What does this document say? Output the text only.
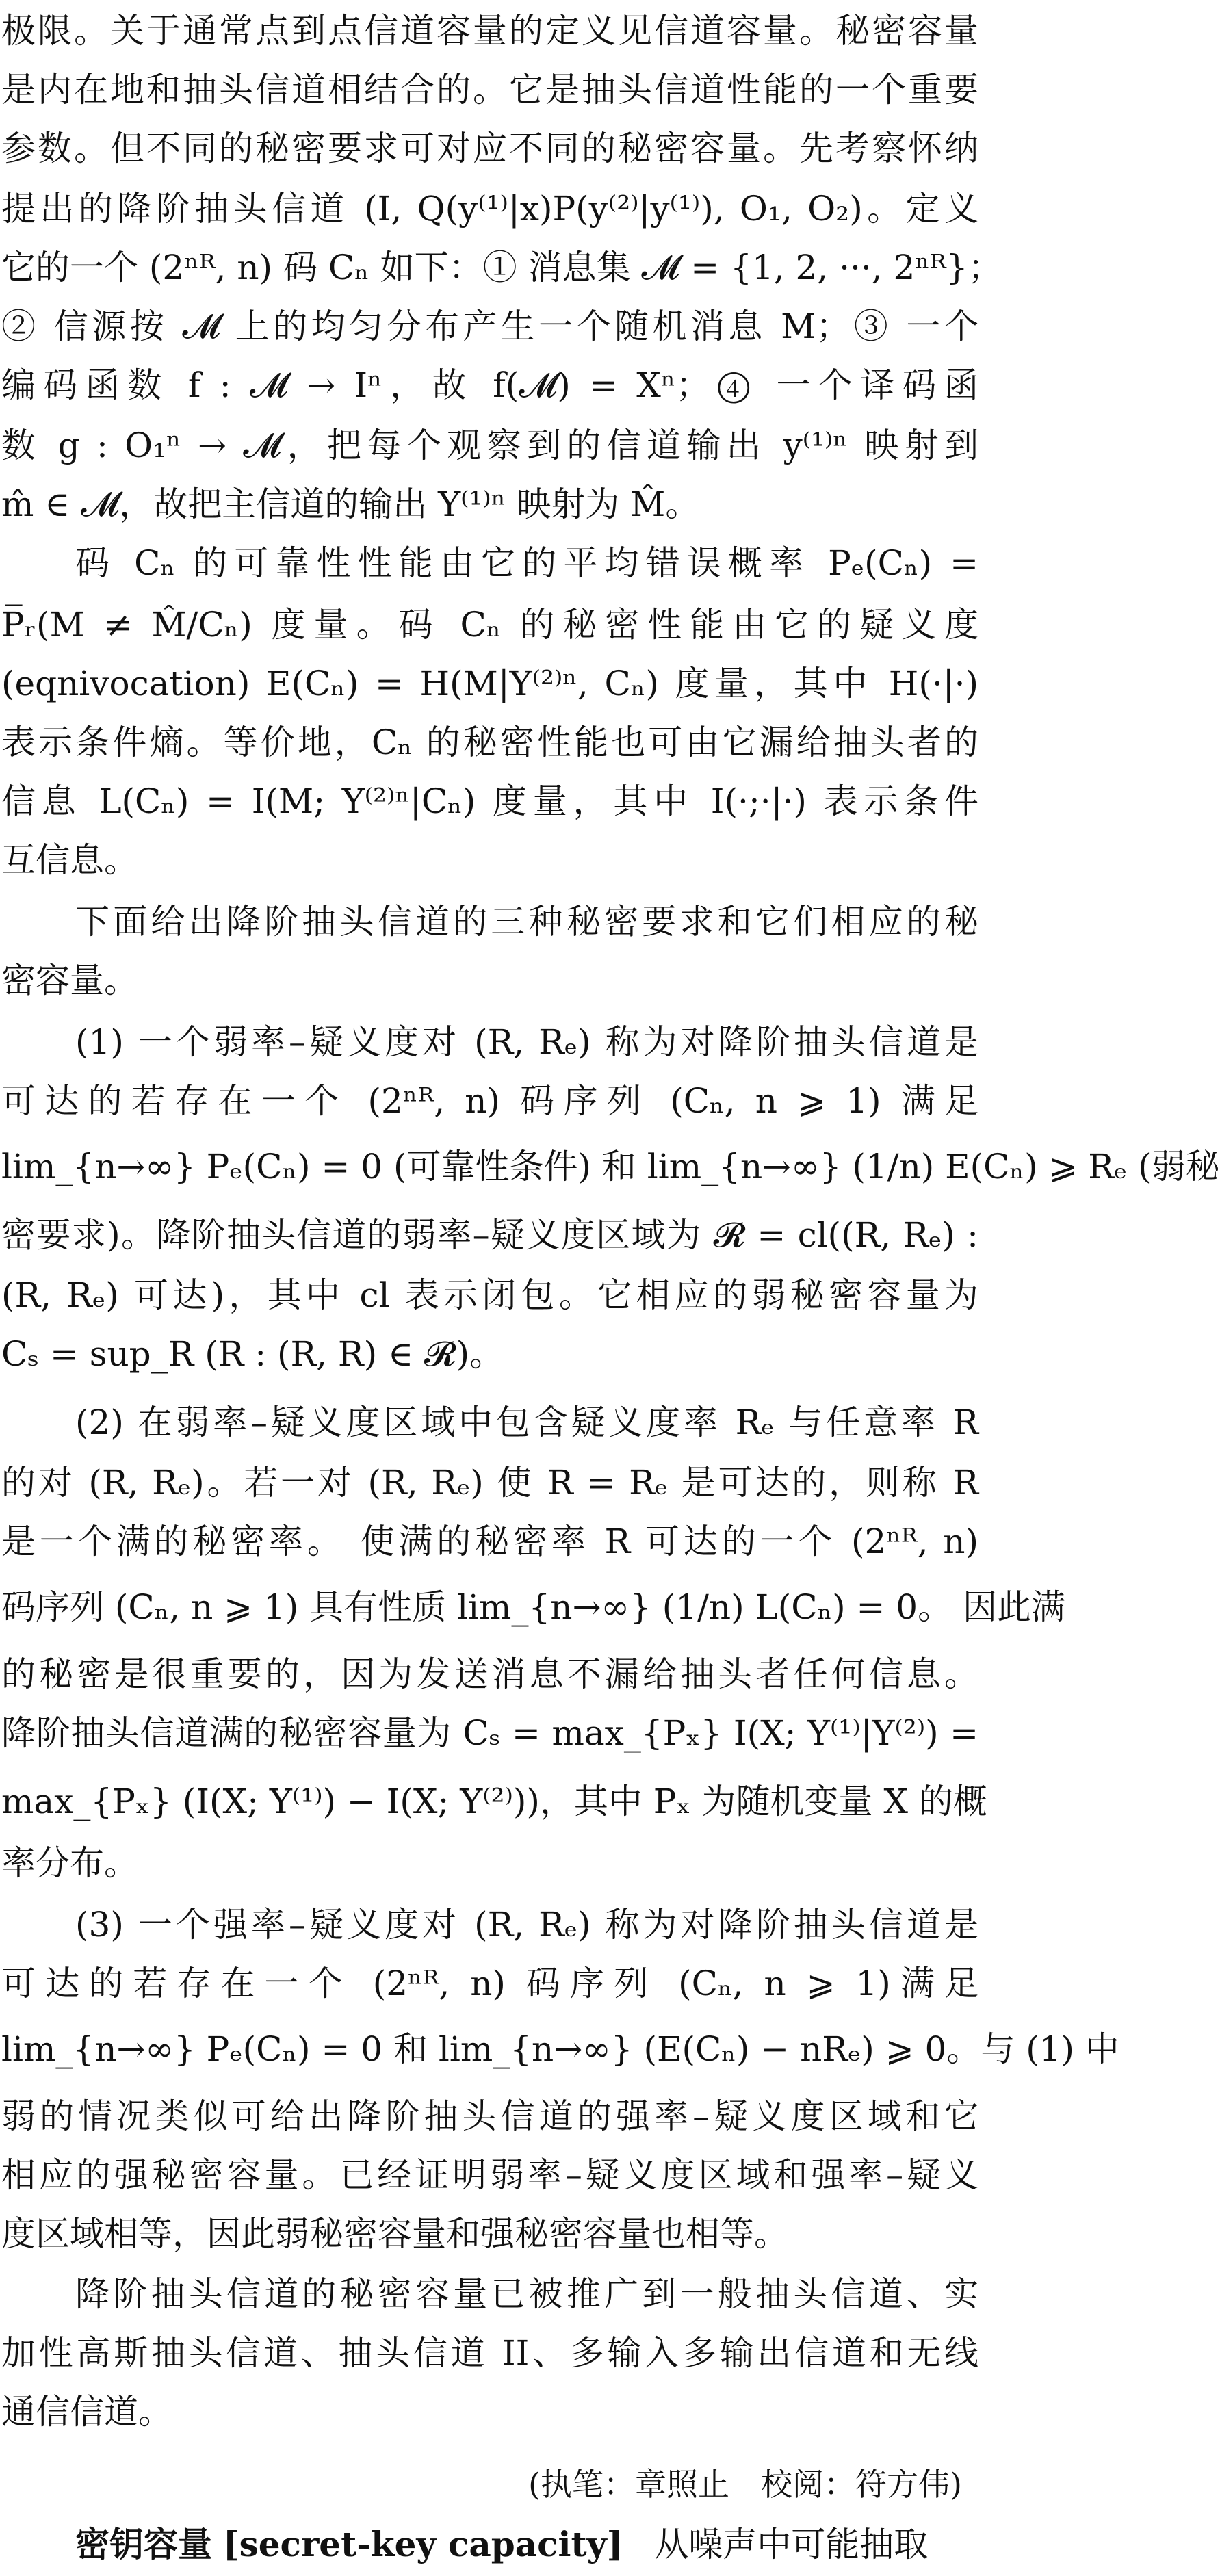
极限。关于通常点到点信道容量的定义见信道容量。秘密容量
是内在地和抽头信道相结合的。它是抽头信道性能的一个重要
参数。但不同的秘密要求可对应不同的秘密容量。先考察怀纳
提出的降阶抽头信道 (I, Q(y⁽¹⁾|x)P(y⁽²⁾|y⁽¹⁾), O₁, O₂)。定义
它的一个 (2ⁿᴿ, n) 码 Cₙ 如下：① 消息集 𝓜 = {1, 2, ···, 2ⁿᴿ}；
② 信源按 𝓜 上的均匀分布产生一个随机消息 M；③ 一个
编码函数 f : 𝓜 → Iⁿ，故 f(𝓜) = Xⁿ；④ 一个译码函
数 g : O₁ⁿ → 𝓜，把每个观察到的信道输出 y⁽¹⁾ⁿ 映射到
m̂ ∈ 𝓜，故把主信道的输出 Y⁽¹⁾ⁿ 映射为 M̂。
码 Cₙ 的可靠性性能由它的平均错误概率 Pₑ(Cₙ) =
P̅ᵣ(M ≠ M̂/Cₙ) 度量。码 Cₙ 的秘密性能由它的疑义度
(eqnivocation) E(Cₙ) = H(M|Y⁽²⁾ⁿ, Cₙ) 度量，其中 H(·|·)
表示条件熵。等价地，Cₙ 的秘密性能也可由它漏给抽头者的
信息 L(Cₙ) = I(M; Y⁽²⁾ⁿ|Cₙ) 度量，其中 I(·;·|·) 表示条件
互信息。
下面给出降阶抽头信道的三种秘密要求和它们相应的秘
密容量。
(1) 一个弱率–疑义度对 (R, Rₑ) 称为对降阶抽头信道是
可达的若存在一个 (2ⁿᴿ, n) 码序列 (Cₙ, n ⩾ 1) 满足
lim_{n→∞} Pₑ(Cₙ) = 0 (可靠性条件) 和 lim_{n→∞} (1/n) E(Cₙ) ⩾ Rₑ (弱秘
密要求)。降阶抽头信道的弱率–疑义度区域为 𝓡 = cl((R, Rₑ) :
(R, Rₑ) 可达)，其中 cl 表示闭包。它相应的弱秘密容量为
Cₛ = sup_R (R : (R, R) ∈ 𝓡)。
(2) 在弱率–疑义度区域中包含疑义度率 Rₑ 与任意率 R
的对 (R, Rₑ)。若一对 (R, Rₑ) 使 R = Rₑ 是可达的，则称 R
是一个满的秘密率。 使满的秘密率 R 可达的一个 (2ⁿᴿ, n)
码序列 (Cₙ, n ⩾ 1) 具有性质 lim_{n→∞} (1/n) L(Cₙ) = 0。 因此满
的秘密是很重要的，因为发送消息不漏给抽头者任何信息。
降阶抽头信道满的秘密容量为 Cₛ = max_{Pₓ} I(X; Y⁽¹⁾|Y⁽²⁾) =
max_{Pₓ} (I(X; Y⁽¹⁾) − I(X; Y⁽²⁾))，其中 Pₓ 为随机变量 X 的概
率分布。
(3) 一个强率–疑义度对 (R, Rₑ) 称为对降阶抽头信道是
可达的若存在一个 (2ⁿᴿ, n) 码序列 (Cₙ, n ⩾ 1)满足
lim_{n→∞} Pₑ(Cₙ) = 0 和 lim_{n→∞} (E(Cₙ) − nRₑ) ⩾ 0。与 (1) 中
弱的情况类似可给出降阶抽头信道的强率–疑义度区域和它
相应的强秘密容量。已经证明弱率–疑义度区域和强率–疑义
度区域相等，因此弱秘密容量和强秘密容量也相等。
降阶抽头信道的秘密容量已被推广到一般抽头信道、实
加性高斯抽头信道、抽头信道 II、多输入多输出信道和无线
通信信道。
(执笔：章照止　校阅：符方伟)
密钥容量 [secret-key capacity] 从噪声中可能抽取
